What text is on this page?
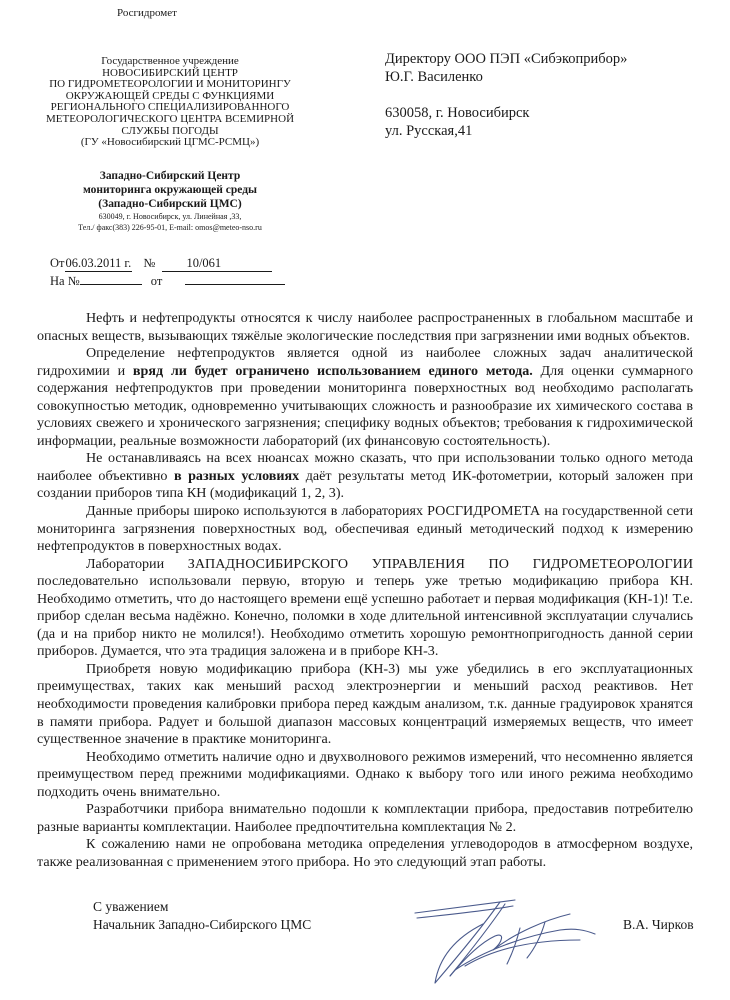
Росгидромет
Государственное учреждение
НОВОСИБИРСКИЙ ЦЕНТР
ПО ГИДРОМЕТЕОРОЛОГИИ И МОНИТОРИНГУ
ОКРУЖАЮЩЕЙ СРЕДЫ С ФУНКЦИЯМИ
РЕГИОНАЛЬНОГО СПЕЦИАЛИЗИРОВАННОГО
МЕТЕОРОЛОГИЧЕСКОГО ЦЕНТРА ВСЕМИРНОЙ
СЛУЖБЫ ПОГОДЫ
(ГУ «Новосибирский ЦГМС-РСМЦ»)
Западно-Сибирский Центр
мониторинга окружающей среды
(Западно-Сибирский ЦМС)
630049, г. Новосибирск, ул. Линейная ,33,
Тел./ факс(383) 226-95-01, E-mail: omos@meteo-nso.ru
Директору ООО ПЭП «Сибэкоприбор»
Ю.Г. Василенко
630058, г. Новосибирск
ул. Русская,41
От06.03.2011 г. № 10/061
На №	от

Нефть и нефтепродукты относятся к числу наиболее распространенных в глобальном масштабе и опасных веществ, вызывающих тяжёлые экологические последствия при загрязнении ими водных объектов.

Определение нефтепродуктов является одной из наиболее сложных задач аналитической гидрохимии и вряд ли будет ограничено использованием единого метода. Для оценки суммарного содержания нефтепродуктов при проведении мониторинга поверхностных вод необходимо располагать совокупностью методик, одновременно учитывающих сложность и разнообразие их химического состава в условиях свежего и хронического загрязнения; специфику водных объектов; требования к гидрохимической информации, реальные возможности лабораторий (их финансовую состоятельность).

Не останавливаясь на всех нюансах можно сказать, что при использовании только одного метода наиболее объективно в разных условиях даёт результаты метод ИК-фотометрии, который заложен при создании приборов типа КН (модификаций 1, 2, 3).

Данные приборы широко используются в лабораториях РОСГИДРОМЕТА на государственной сети мониторинга загрязнения поверхностных вод, обеспечивая единый методический подход к измерению нефтепродуктов в поверхностных водах.

Лаборатории ЗАПАДНОСИБИРСКОГО УПРАВЛЕНИЯ ПО ГИДРОМЕТЕОРОЛОГИИ последовательно использовали первую, вторую и теперь уже третью модификацию прибора КН. Необходимо отметить, что до настоящего времени ещё успешно работает и первая модификация (КН-1)! Т.е. прибор сделан весьма надёжно. Конечно, поломки в ходе длительной интенсивной эксплуатации случались (да и на прибор никто не молился!). Необходимо отметить хорошую ремонтнопригодность данной серии приборов. Думается, что эта традиция заложена и в приборе КН-3.

Приобретя новую модификацию прибора (КН-3) мы уже убедились в его эксплуатационных преимуществах, таких как меньший расход электроэнергии и меньший расход реактивов. Нет необходимости проведения калибровки прибора перед каждым анализом, т.к. данные градуировок хранятся в памяти прибора. Радует и большой диапазон массовых концентраций измеряемых веществ, что имеет существенное значение в практике мониторинга.

Необходимо отметить наличие одно и двухволнового режимов измерений, что несомненно является преимуществом перед прежними модификациями. Однако к выбору того или иного режима необходимо подходить очень внимательно.

Разработчики прибора внимательно подошли к комплектации прибора, предоставив потребителю разные варианты комплектации. Наиболее предпочтительна комплектация № 2.

К сожалению нами не опробована методика определения углеводородов в атмосферном воздухе, также реализованная с применением этого прибора. Но это следующий этап работы.

С уважением
Начальник Западно-Сибирского ЦМС	В.А. Чирков
